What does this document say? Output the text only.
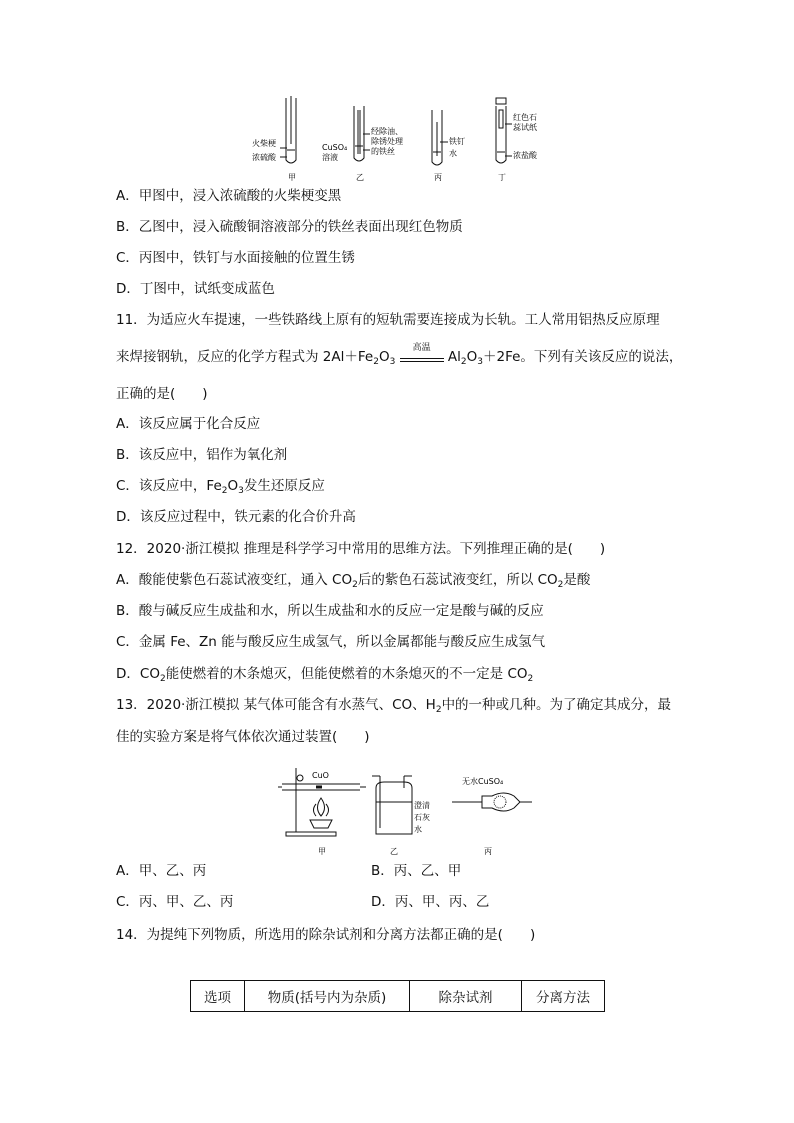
火柴梗
浓硫酸
CuSO₄
溶液
经除油、
除锈处理
的铁丝
铁钉
水
红色石
蕊试纸
浓盐酸
甲	乙	丙	丁
A．甲图中，浸入浓硫酸的火柴梗变黑
B．乙图中，浸入硫酸铜溶液部分的铁丝表面出现红色物质
C．丙图中，铁钉与水面接触的位置生锈
D．丁图中，试纸变成蓝色
11．为适应火车提速，一些铁路线上原有的短轨需要连接成为长轨。工人常用铝热反应原理
来焊接钢轨，反应的化学方程式为 $2Al+Fe_2O_3$
高温
$Al_2O_3+2Fe$。下列有关该反应的说法，
正确的是(　　)
A．该反应属于化合反应
B．该反应中，铝作为氧化剂
C．该反应中，$Fe_2O_3$发生还原反应
D．该反应过程中，铁元素的化合价升高
12．2020·浙江模拟 推理是科学学习中常用的思维方法。下列推理正确的是(　　)
A．酸能使紫色石蕊试液变红，通入 $CO_2$后的紫色石蕊试液变红，所以 $CO_2$是酸
B．酸与碱反应生成盐和水，所以生成盐和水的反应一定是酸与碱的反应
C．金属 Fe、Zn 能与酸反应生成氢气，所以金属都能与酸反应生成氢气
D．$CO_2$能使燃着的木条熄灭，但能使燃着的木条熄灭的不一定是 $CO_2$
13．2020·浙江模拟 某气体可能含有水蒸气、CO、$H_2$中的一种或几种。为了确定其成分，最
佳的实验方案是将气体依次通过装置(　　)
CuO
澄清
石灰
水
无水CuSO₄
甲	乙	丙
A．甲、乙、丙	B．丙、乙、甲
C．丙、甲、乙、丙	D．丙、甲、丙、乙
14．为提纯下列物质，所选用的除杂试剂和分离方法都正确的是(　　)
选项	物质(括号内为杂质)	除杂试剂	分离方法
